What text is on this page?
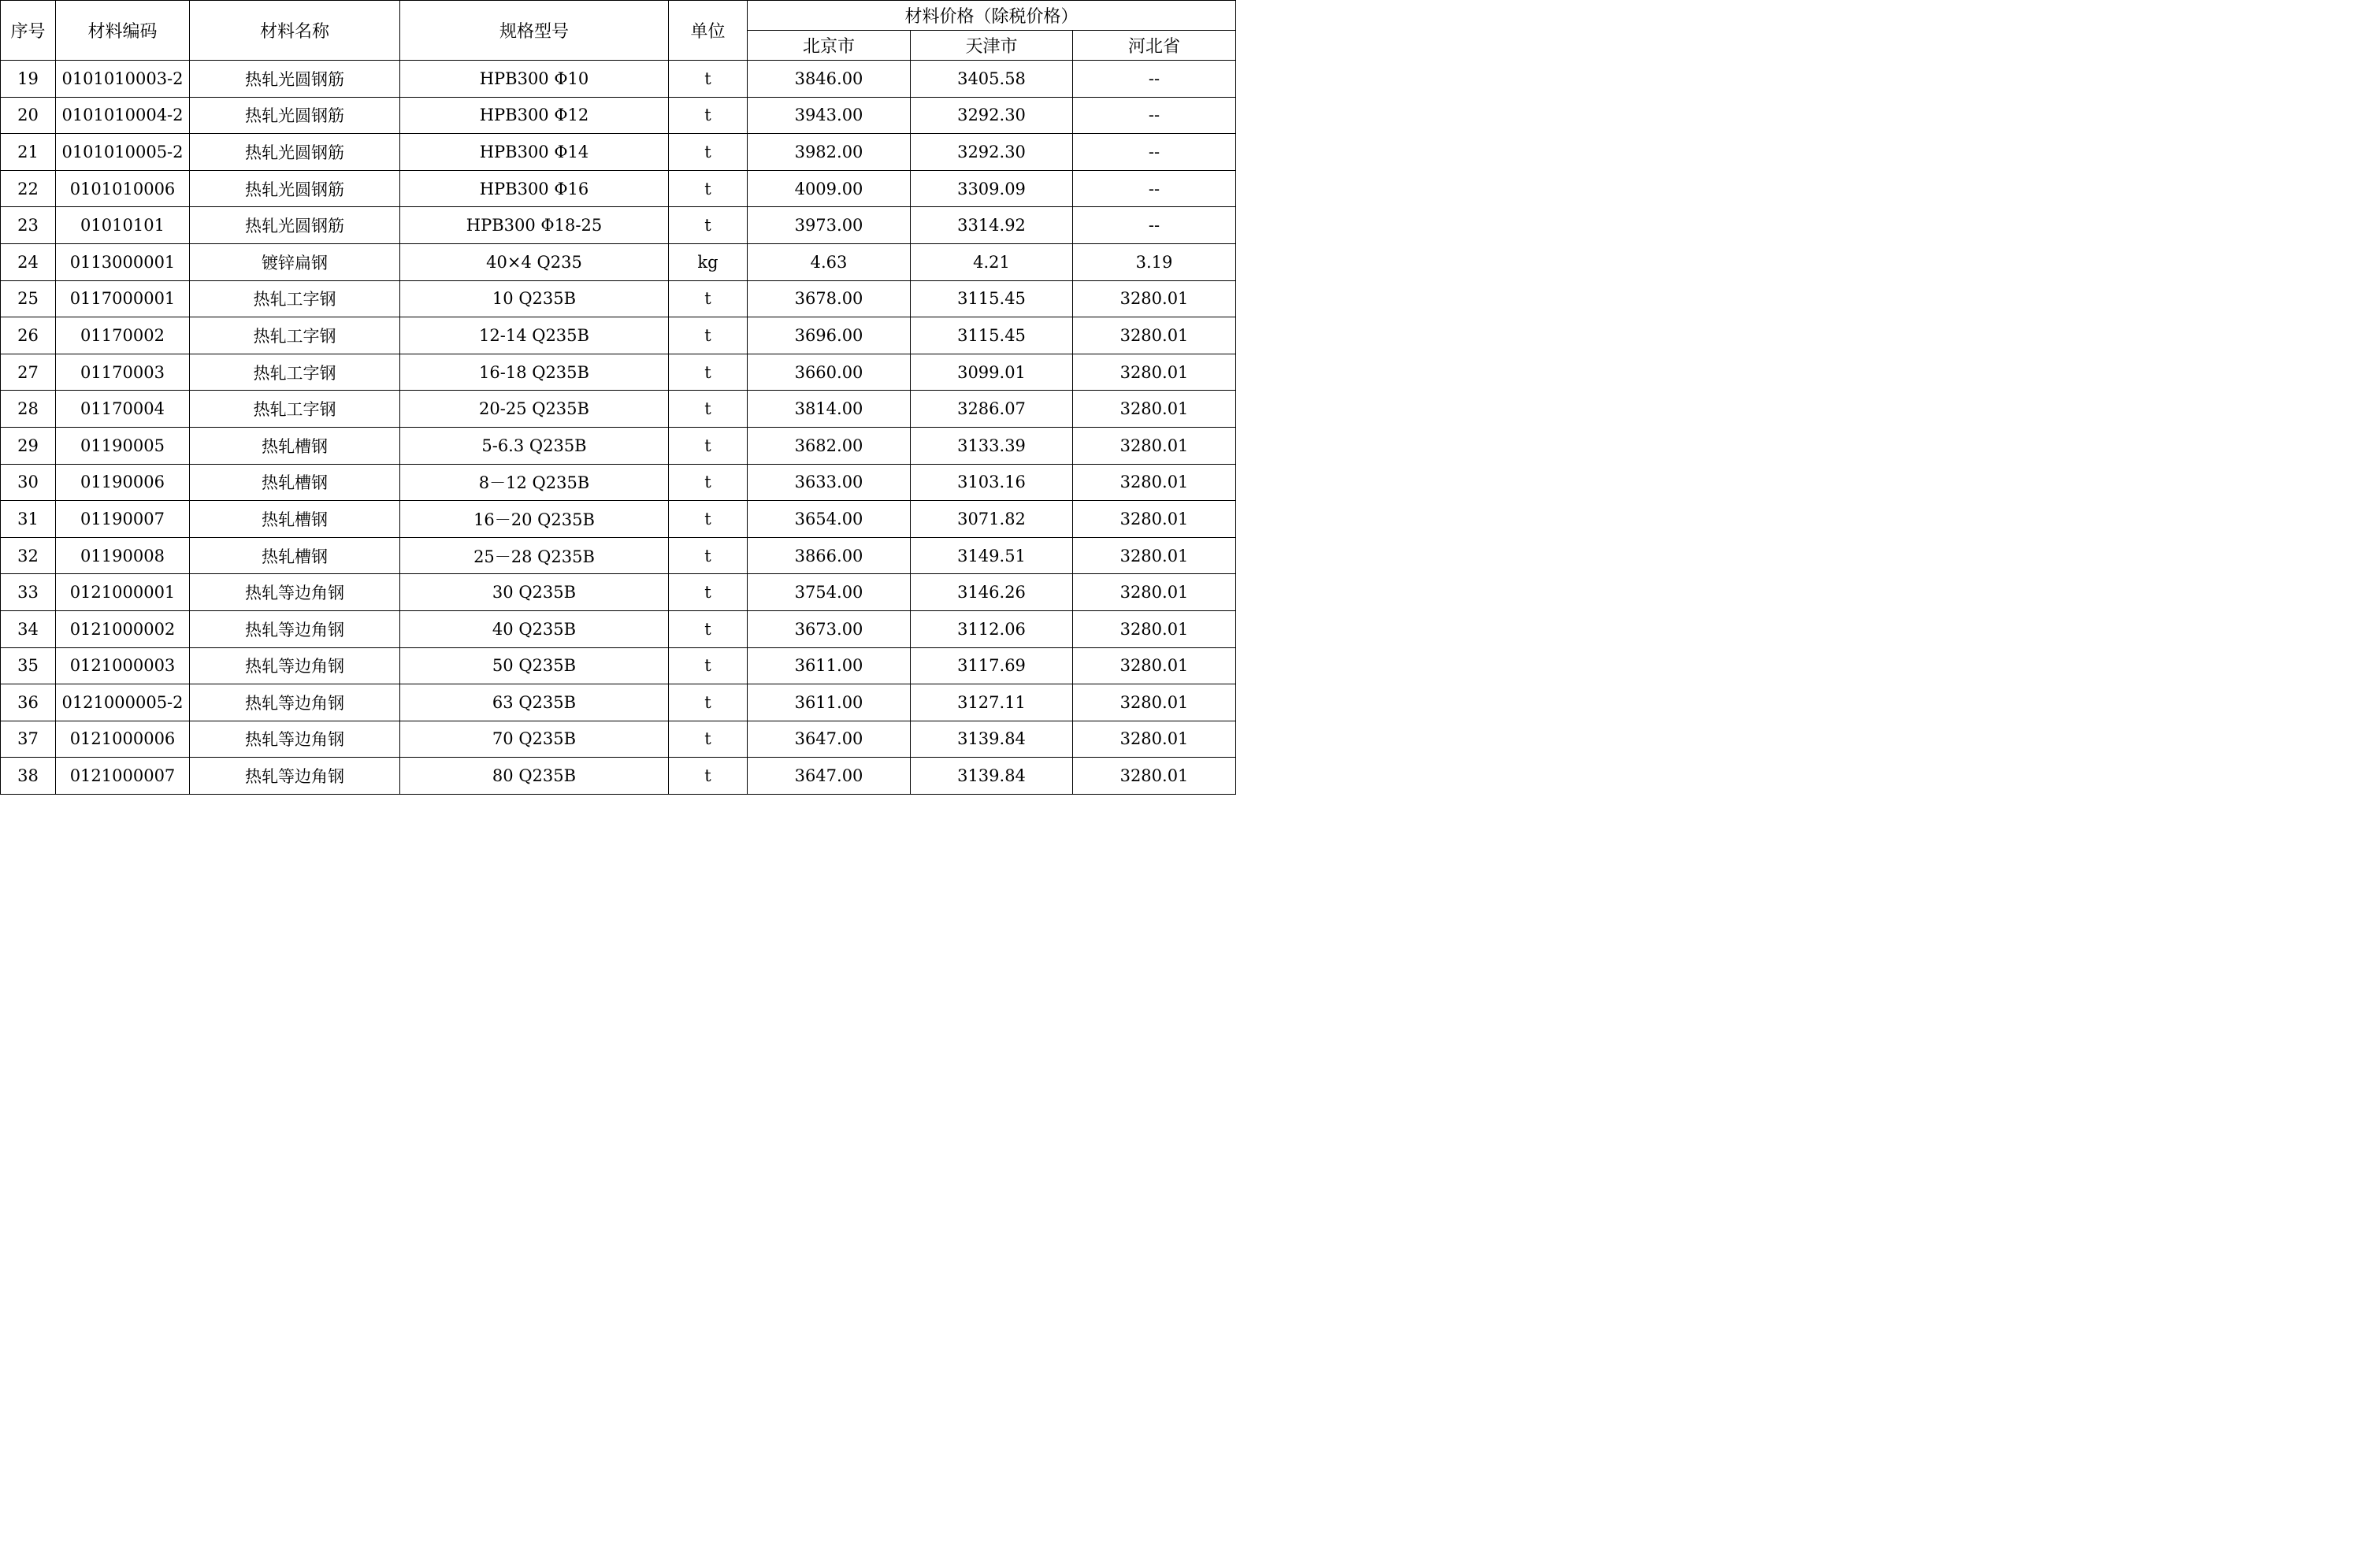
序号	材料编码	材料名称	规格型号	单位	材料价格（除税价格）		
					北京市	天津市	河北省
19	0101010003-2	热轧光圆钢筋	HPB300 Φ10	t	3846.00	3405.58	--
20	0101010004-2	热轧光圆钢筋	HPB300 Φ12	t	3943.00	3292.30	--
21	0101010005-2	热轧光圆钢筋	HPB300 Φ14	t	3982.00	3292.30	--
22	0101010006	热轧光圆钢筋	HPB300 Φ16	t	4009.00	3309.09	--
23	01010101	热轧光圆钢筋	HPB300 Φ18-25	t	3973.00	3314.92	--
24	0113000001	镀锌扁钢	40×4 Q235	kg	4.63	4.21	3.19
25	0117000001	热轧工字钢	10 Q235B	t	3678.00	3115.45	3280.01
26	01170002	热轧工字钢	12-14 Q235B	t	3696.00	3115.45	3280.01
27	01170003	热轧工字钢	16-18 Q235B	t	3660.00	3099.01	3280.01
28	01170004	热轧工字钢	20-25 Q235B	t	3814.00	3286.07	3280.01
29	01190005	热轧槽钢	5-6.3 Q235B	t	3682.00	3133.39	3280.01
30	01190006	热轧槽钢	8－12 Q235B	t	3633.00	3103.16	3280.01
31	01190007	热轧槽钢	16－20 Q235B	t	3654.00	3071.82	3280.01
32	01190008	热轧槽钢	25－28 Q235B	t	3866.00	3149.51	3280.01
33	0121000001	热轧等边角钢	30 Q235B	t	3754.00	3146.26	3280.01
34	0121000002	热轧等边角钢	40 Q235B	t	3673.00	3112.06	3280.01
35	0121000003	热轧等边角钢	50 Q235B	t	3611.00	3117.69	3280.01
36	0121000005-2	热轧等边角钢	63 Q235B	t	3611.00	3127.11	3280.01
37	0121000006	热轧等边角钢	70 Q235B	t	3647.00	3139.84	3280.01
38	0121000007	热轧等边角钢	80 Q235B	t	3647.00	3139.84	3280.01
